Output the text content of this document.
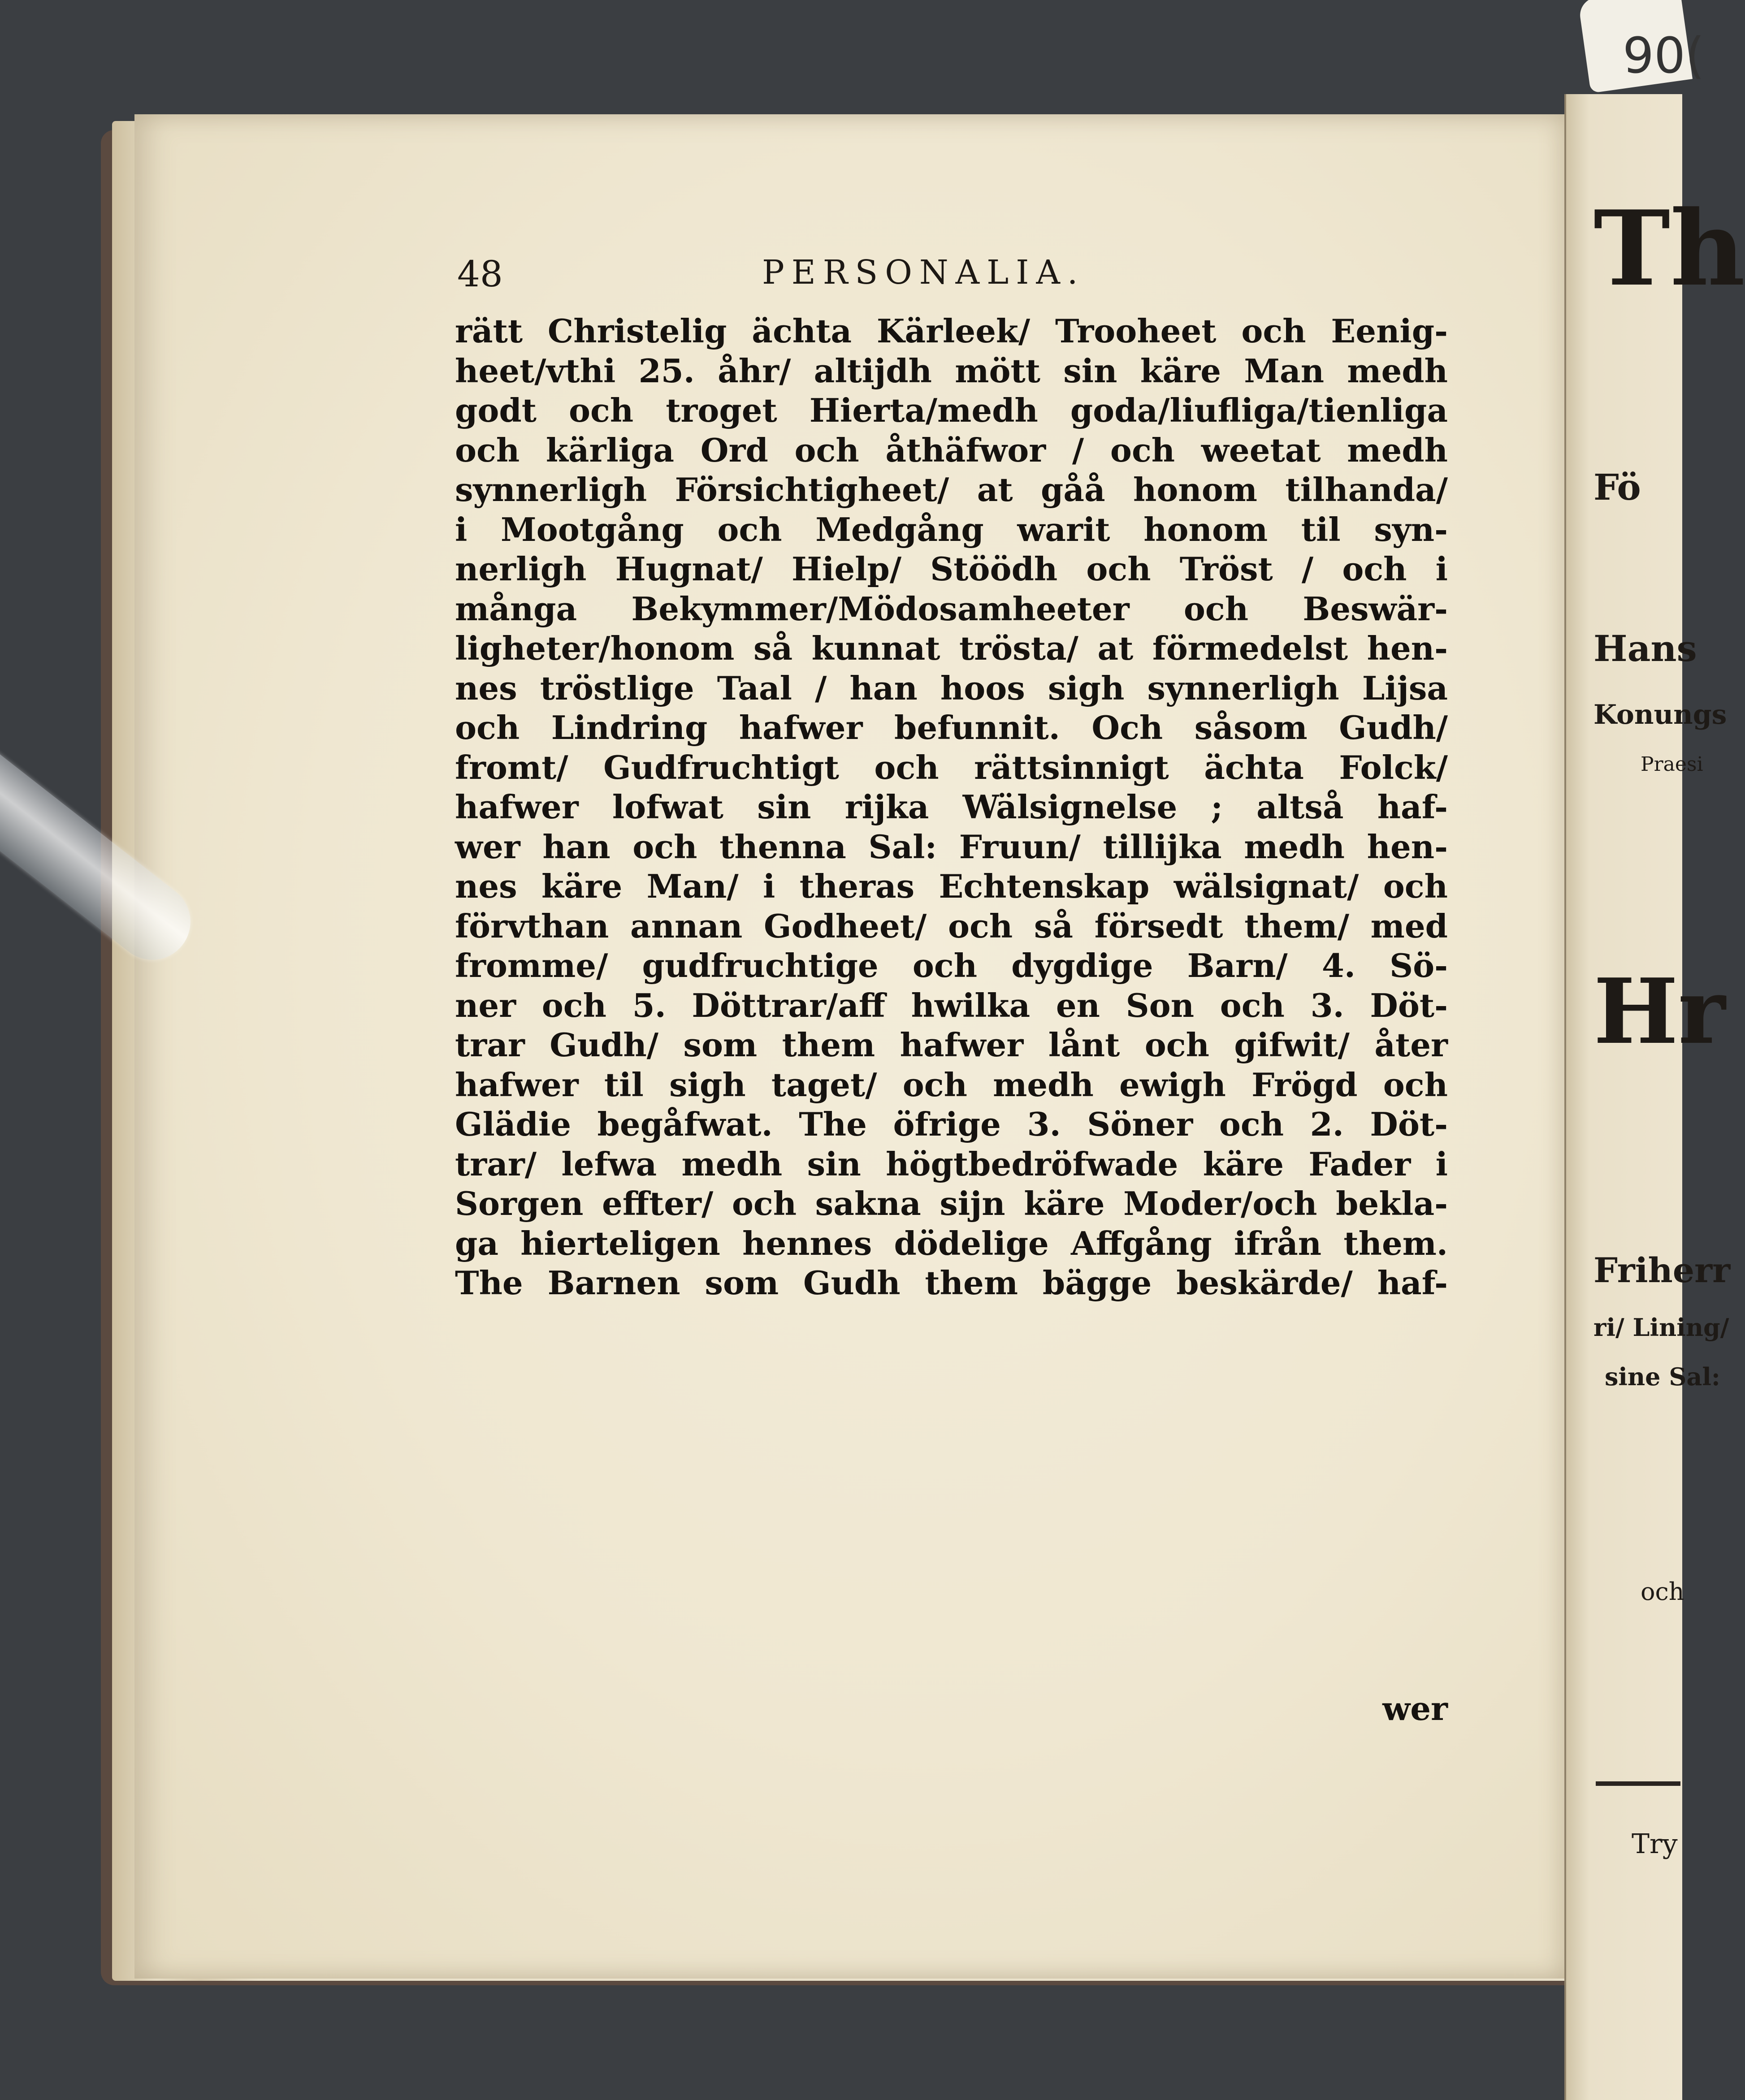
Th
Fö
Hans
Konungs
Praesi
Hr
Friherr
ri/ Lining/
sine Sal:
och
Try
90(
48	PERSONALIA.
rätt Christelig ächta Kärleek/ Trooheet och Eenig-
heet/vthi 25. åhr/ altijdh mött sin käre Man medh
godt och troget Hierta/medh goda/liufliga/tienliga
och kärliga Ord och åthäfwor / och weetat medh
synnerligh Försichtigheet/ at gåå honom tilhanda/
i Mootgång och Medgång warit honom til syn-
nerligh Hugnat/ Hielp/ Stöödh och Tröst / och i
många Bekymmer/Mödosamheeter och Beswär-
ligheter/honom så kunnat trösta/ at förmedelst hen-
nes tröstlige Taal / han hoos sigh synnerligh Lijsa
och Lindring hafwer befunnit. Och såsom Gudh/
fromt/ Gudfruchtigt och rättsinnigt ächta Folck/
hafwer lofwat sin rijka Wälsignelse ; altså haf-
wer han och thenna Sal: Fruun/ tillijka medh hen-
nes käre Man/ i theras Echtenskap wälsignat/ och
förvthan annan Godheet/ och så försedt them/ med
fromme/ gudfruchtige och dygdige Barn/ 4. Sö-
ner och 5. Döttrar/aff hwilka en Son och 3. Döt-
trar Gudh/ som them hafwer lånt och gifwit/ åter
hafwer til sigh taget/ och medh ewigh Frögd och
Glädie begåfwat. The öfrige 3. Söner och 2. Döt-
trar/ lefwa medh sin högtbedröfwade käre Fader i
Sorgen effter/ och sakna sijn käre Moder/och bekla-
ga hierteligen hennes dödelige Affgång ifrån them.
The Barnen som Gudh them bägge beskärde/ haf-
wer
